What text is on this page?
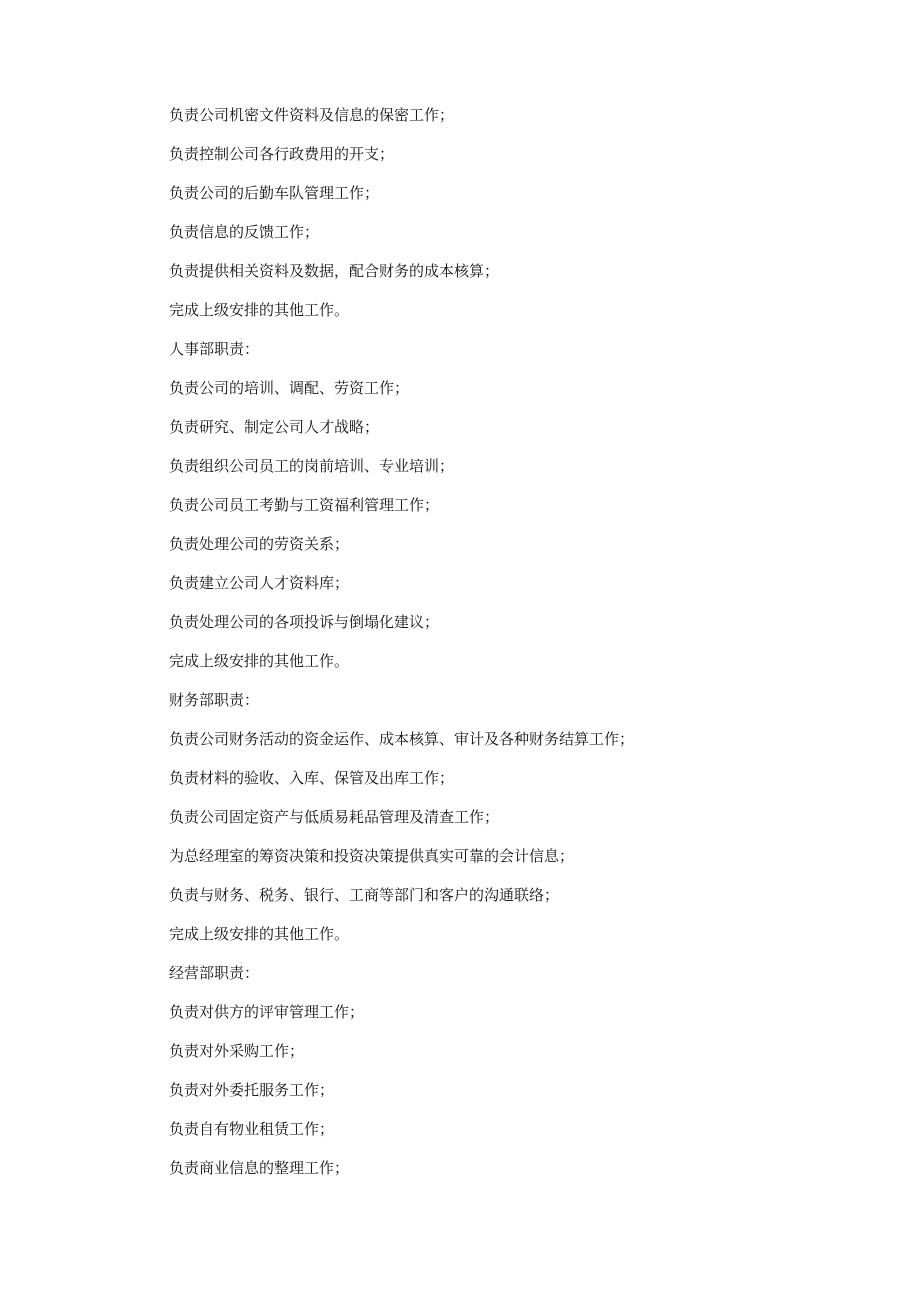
负责公司机密文件资料及信息的保密工作；
负责控制公司各行政费用的开支；
负责公司的后勤车队管理工作；
负责信息的反馈工作；
负责提供相关资料及数据，配合财务的成本核算；
完成上级安排的其他工作。
人事部职责：
负责公司的培训、调配、劳资工作；
负责研究、制定公司人才战略；
负责组织公司员工的岗前培训、专业培训；
负责公司员工考勤与工资福利管理工作；
负责处理公司的劳资关系；
负责建立公司人才资料库；
负责处理公司的各项投诉与倒塌化建议；
完成上级安排的其他工作。
财务部职责：
负责公司财务活动的资金运作、成本核算、审计及各种财务结算工作；
负责材料的验收、入库、保管及出库工作；
负责公司固定资产与低质易耗品管理及清查工作；
为总经理室的筹资决策和投资决策提供真实可靠的会计信息；
负责与财务、税务、银行、工商等部门和客户的沟通联络；
完成上级安排的其他工作。
经营部职责：
负责对供方的评审管理工作；
负责对外采购工作；
负责对外委托服务工作；
负责自有物业租赁工作；
负责商业信息的整理工作；
